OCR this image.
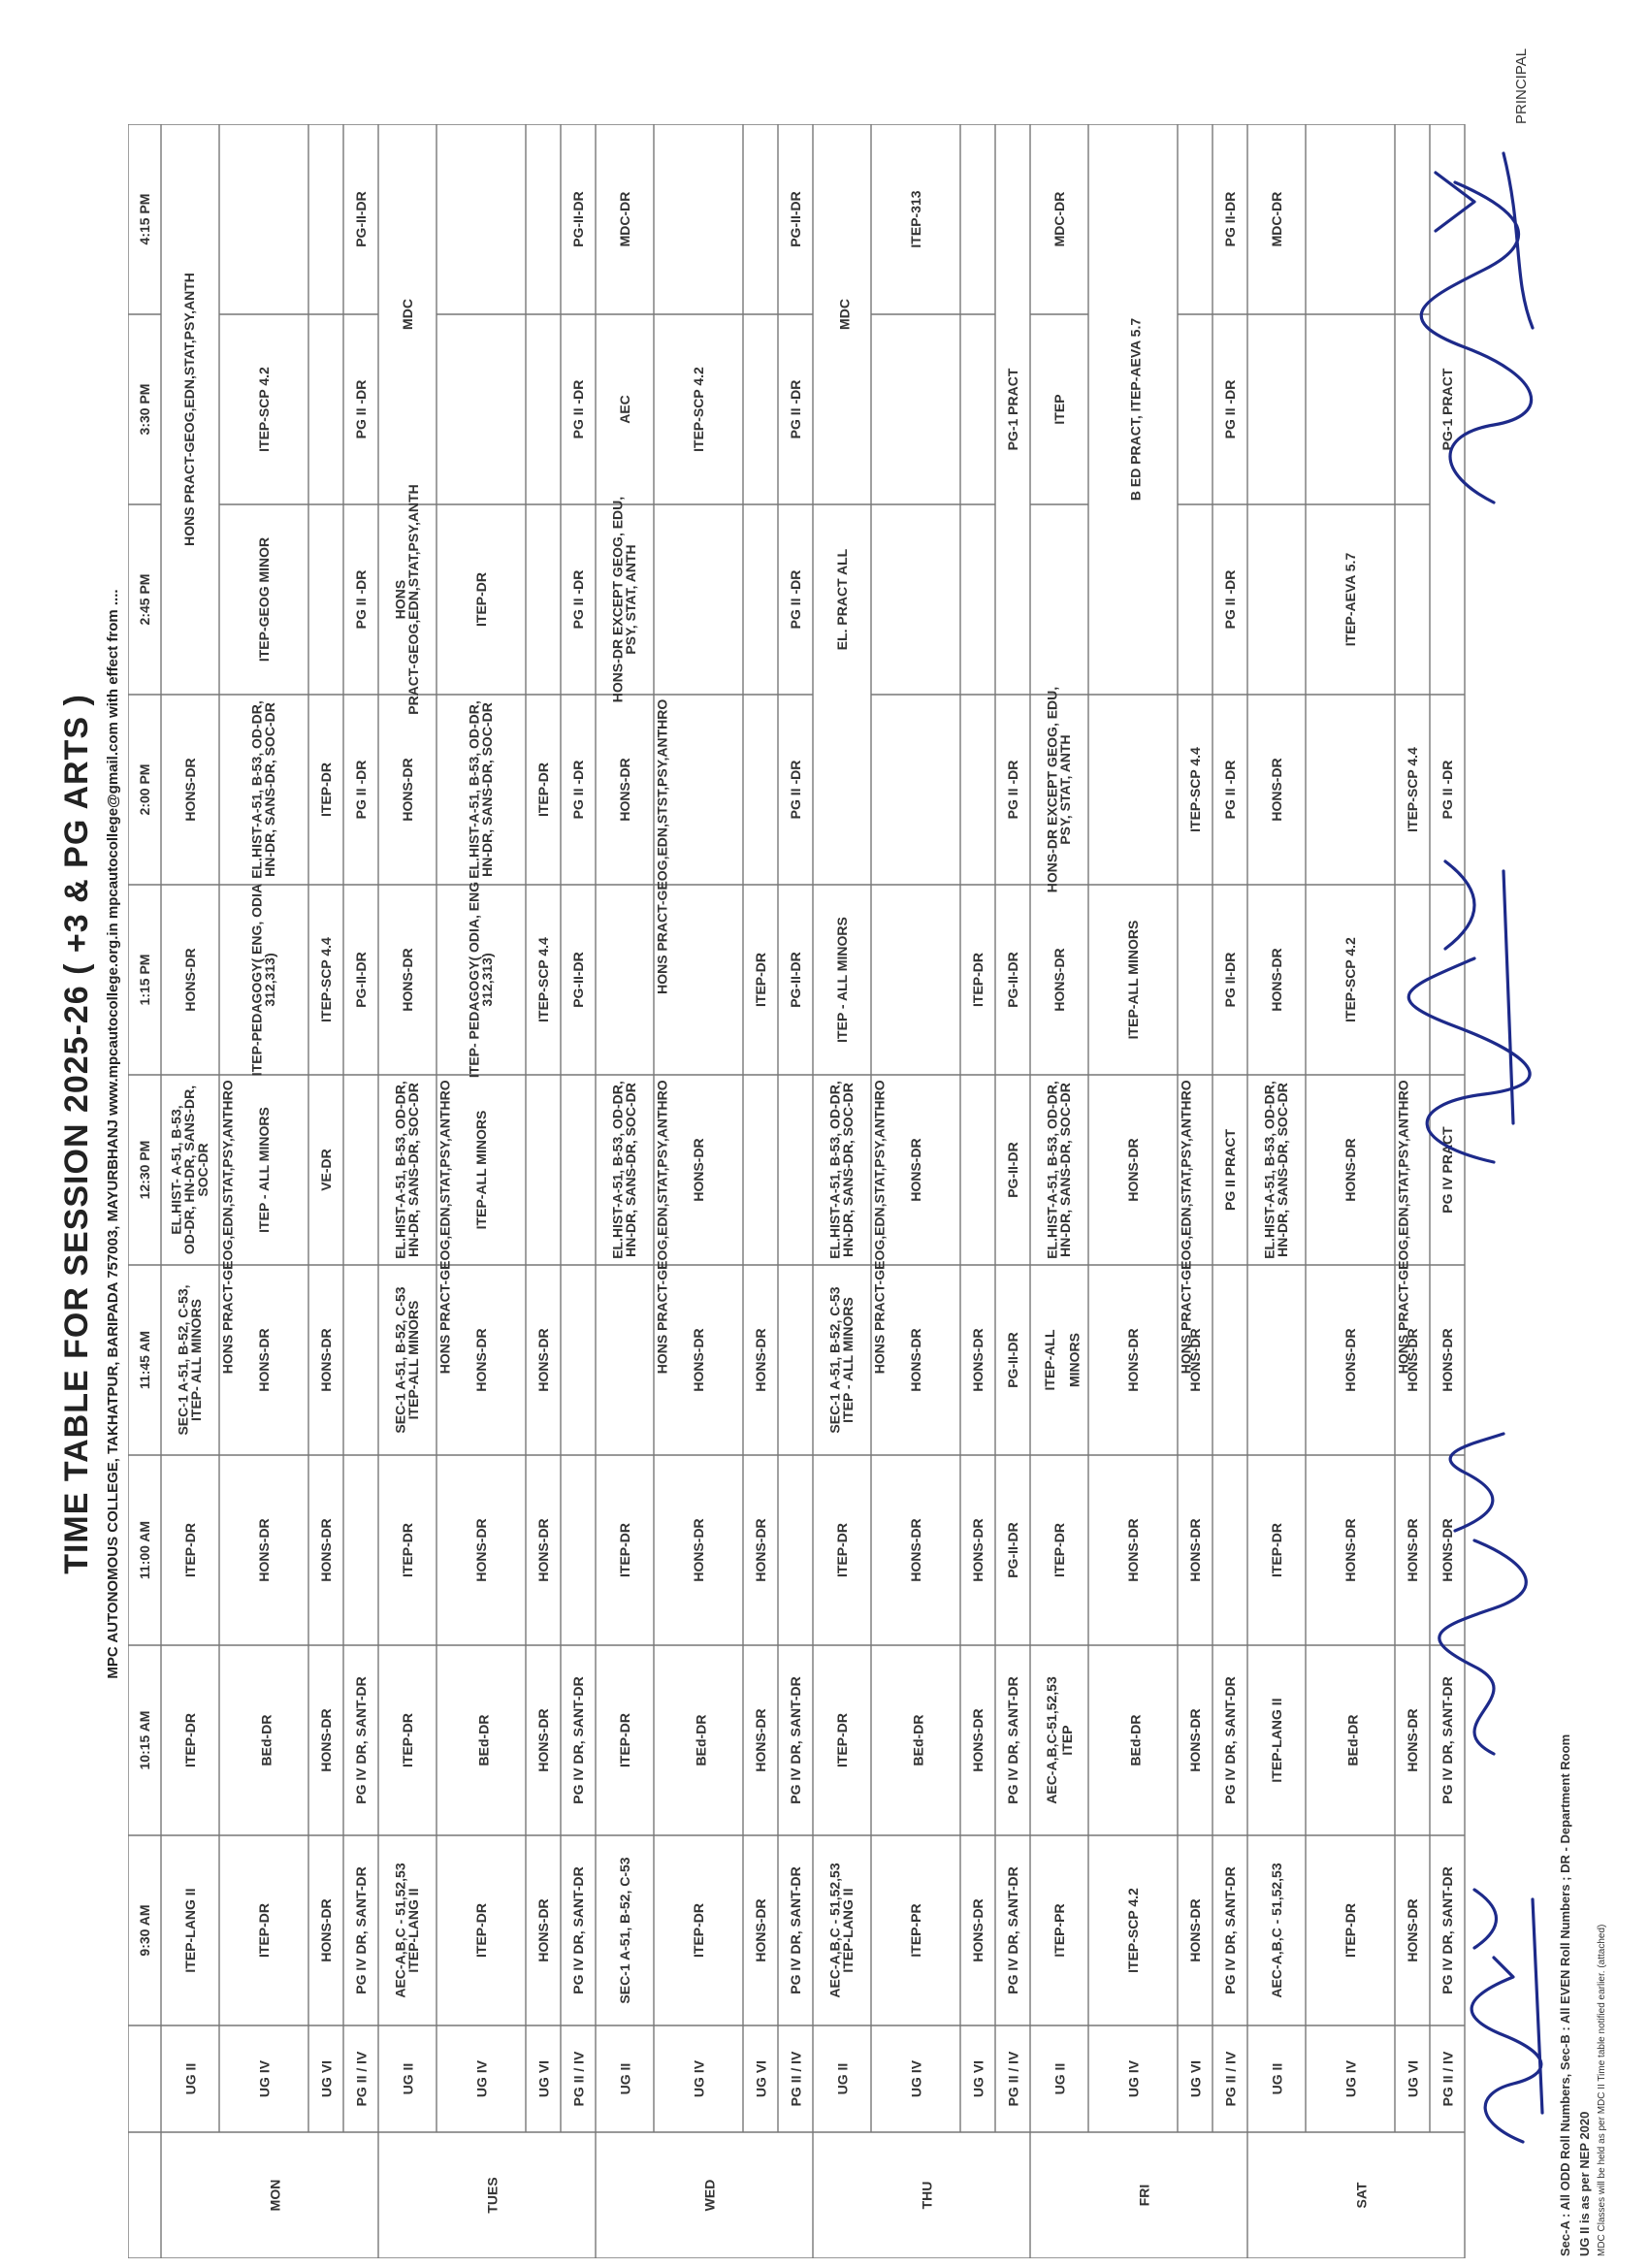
TIME TABLE FOR SESSION 2025-26 ( +3 & PG ARTS ) MPC AUTONOMOUS COLLEGE, TAKHATPUR, BARIPADA 757003, MAYURBHANJ www.mpcautocollege.org.in mpcautocollege@gmail.com with effect from ....
9:30 AM
10:15 AM
11:00 AM
11:45 AM
12:30 PM
1:15 PM
2:00 PM
2:45 PM
3:30 PM
4:15 PM
MON
UG II
ITEP-LANG II
ITEP-DR
ITEP-DR
SEC-1 A-51, B-52, C-53,ITEP- ALL MINORS
EL.HIST- A-51, B-53,OD-DR, HN-DR, SANS-DR,SOC-DR
HONS-DR
HONS-DR
HONS PRACT-GEOG,EDN,STAT,PSY,ANTH
UG IV
ITEP-DR
BEd-DR
HONS-DR
HONS-DR
HONS PRACT-GEOG,EDN,STAT,PSY,ANTHRO ITEP - ALL MINORS
ITEP-PEDAGOGY( ENG, ODIA312,313)
EL.HIST-A-51, B-53, OD-DR,HN-DR, SANS-DR, SOC-DR
ITEP-GEOG MINOR
ITEP-SCP 4.2
UG VI
HONS-DR
HONS-DR
HONS-DR
HONS-DR
VE-DR
ITEP-SCP 4.4
ITEP-DR
PG II / IV
PG IV DR, SANT-DR
PG IV DR, SANT-DR
PG-II-DR
PG II -DR
PG II -DR
PG II -DR
PG-II-DR
TUES
UG II
AEC-A,B,C - 51,52,53ITEP-LANG II
ITEP-DR
ITEP-DR
SEC-1 A-51, B-52, C-53ITEP-ALL MINORS
EL.HIST-A-51, B-53, OD-DR,HN-DR, SANS-DR, SOC-DR
HONS-DR
HONS-DR
HONSPRACT-GEOG,EDN,STAT,PSY,ANTH
MDC
UG IV
ITEP-DR
BEd-DR
HONS-DR
HONS-DR
HONS PRACT-GEOG,EDN,STAT,PSY,ANTHRO ITEP-ALL MINORS
ITEP- PEDAGOGY( ODIA, ENG312,313)
EL.HIST-A-51, B-53, OD-DR,HN-DR, SANS-DR, SOC-DR
ITEP-DR
UG VI
HONS-DR
HONS-DR
HONS-DR
HONS-DR
ITEP-SCP 4.4
ITEP-DR
PG II / IV
PG IV DR, SANT-DR
PG IV DR, SANT-DR
PG-II-DR
PG II -DR
PG II -DR
PG II -DR
PG-II-DR
WED
UG II
SEC-1 A-51, B-52, C-53
ITEP-DR
ITEP-DR
EL.HIST-A-51, B-53, OD-DR,HN-DR, SANS-DR, SOC-DR
HONS-DR
HONS-DR EXCEPT GEOG, EDU,PSY, STAT, ANTH
AEC
MDC-DR
UG IV
ITEP-DR
BEd-DR
HONS-DR
HONS-DR
HONS PRACT-GEOG,EDN,STAT,PSY,ANTHRO HONS-DR
HONS PRACT-GEOG,EDN,STST,PSY,ANTHRO
ITEP-SCP 4.2
UG VI
HONS-DR
HONS-DR
HONS-DR
HONS-DR
ITEP-DR
PG II / IV
PG IV DR, SANT-DR
PG IV DR, SANT-DR
PG-II-DR
PG II -DR
PG II -DR
PG II -DR
PG-II-DR
THU
UG II
AEC-A,B,C - 51,52,53ITEP-LANG II
ITEP-DR
ITEP-DR
SEC-1 A-51, B-52, C-53ITEP - ALL MINORS
EL.HIST-A-51, B-53, OD-DR,HN-DR, SANS-DR, SOC-DR
ITEP - ALL MINORS
EL. PRACT ALL
MDC
UG IV
ITEP-PR
BEd-DR
HONS-DR
HONS-DR
HONS PRACT-GEOG,EDN,STAT,PSY,ANTHRO HONS-DR
ITEP-313
UG VI
HONS-DR
HONS-DR
HONS-DR
HONS-DR
ITEP-DR
PG II / IV
PG IV DR, SANT-DR
PG IV DR, SANT-DR
PG-II-DR
PG-II-DR
PG-II-DR
PG-II-DR
PG II -DR
PG-1 PRACT
FRI
UG II
ITEP-PR
AEC-A,B,C-51,52,53ITEP
ITEP-DR
ITEP-ALL MINORS
EL.HIST-A-51, B-53, OD-DR,HN-DR, SANS-DR, SOC-DR
HONS-DR
HONS-DR EXCEPT GEOG, EDU,PSY, STAT, ANTH
ITEP
MDC-DR
UG IV
ITEP-SCP 4.2
BEd-DR
HONS-DR
HONS-DR
HONS-DR
ITEP-ALL MINORS
B ED PRACT, ITEP-AEVA 5.7
UG VI
HONS-DR
HONS-DR
HONS-DR
HONS-DR
HONS PRACT-GEOG,EDN,STAT,PSY,ANTHRO
ITEP-SCP 4.4
PG II / IV
PG IV DR, SANT-DR
PG IV DR, SANT-DR
PG II PRACT
PG II-DR
PG II -DR
PG II -DR
PG II -DR
PG II-DR
SAT
UG II
AEC-A,B,C - 51,52,53
ITEP-LANG II
ITEP-DR
EL.HIST-A-51, B-53, OD-DR,HN-DR, SANS-DR, SOC-DR
HONS-DR
HONS-DR
MDC-DR
UG IV
ITEP-DR
BEd-DR
HONS-DR
HONS-DR
HONS-DR
ITEP-SCP 4.2
ITEP-AEVA 5.7
UG VI
HONS-DR
HONS-DR
HONS-DR
HONS-DR
HONS PRACT-GEOG,EDN,STAT,PSY,ANTHRO
ITEP-SCP 4.4
PG II / IV
PG IV DR, SANT-DR
PG IV DR, SANT-DR
HONS-DR
HONS-DR
PG IV PRACT
PG II -DR
PG-1 PRACT
Sec-A : All ODD Roll Numbers, Sec-B : All EVEN Roll Numbers ; DR - Department Room UG II is as per NEP 2020 MDC Classes will be held as per MDC II Time table notified earlier. (attached)
PRINCIPAL
